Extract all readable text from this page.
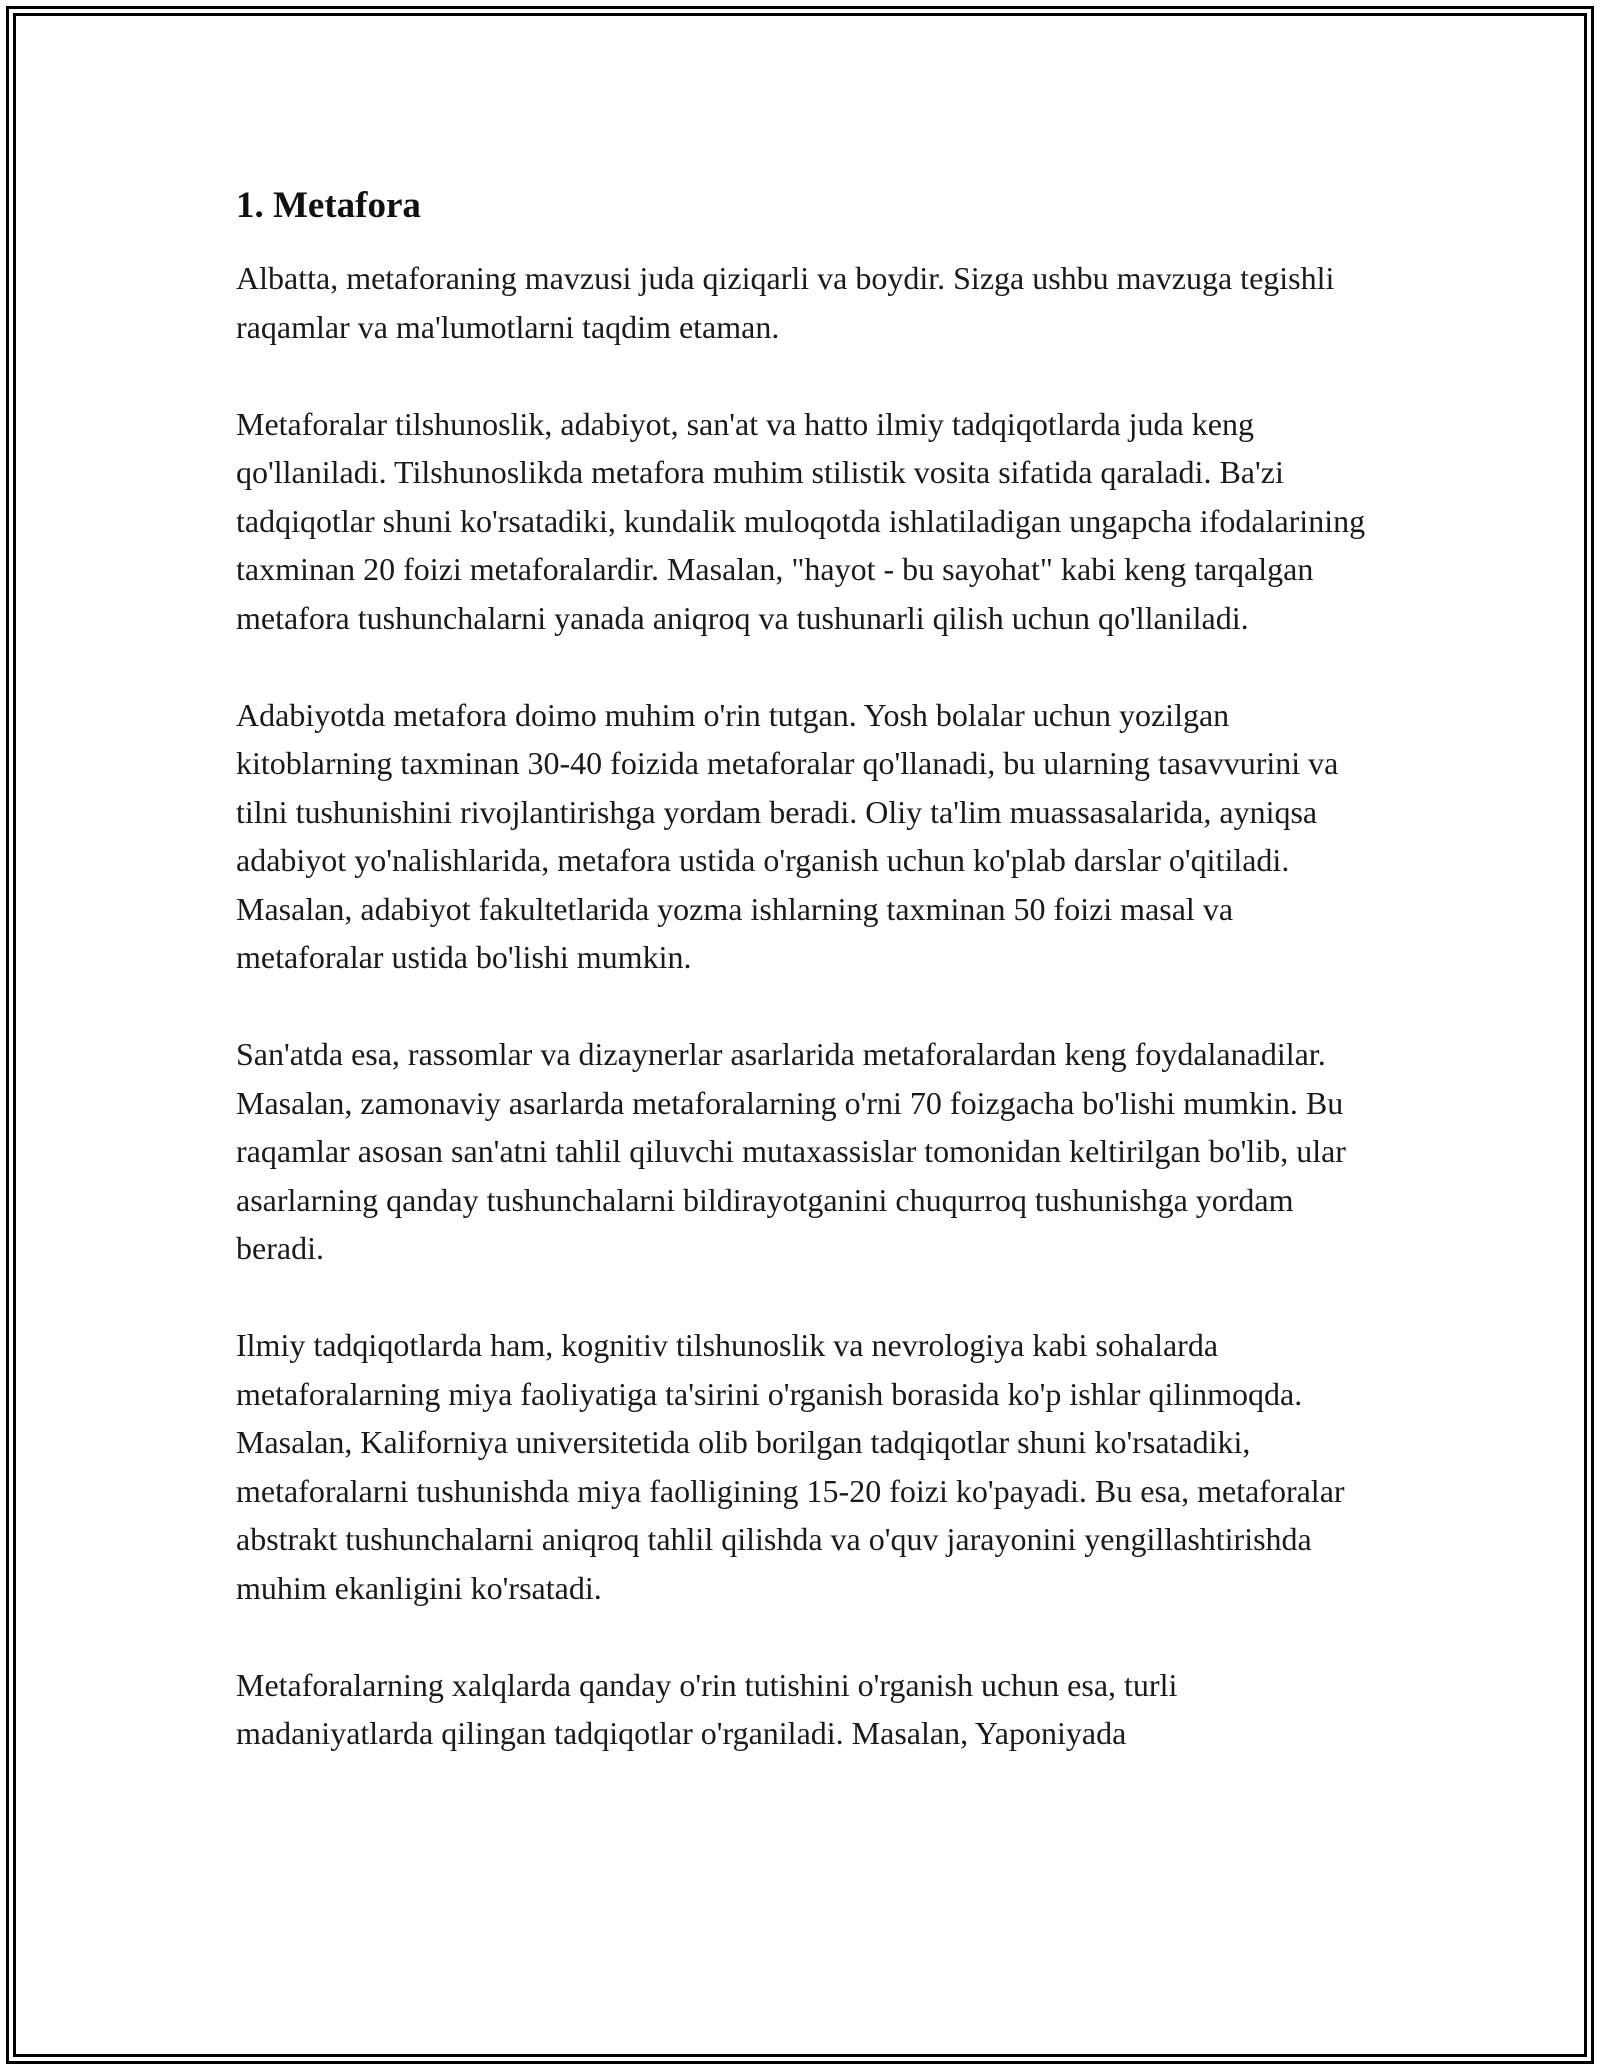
1. Metafora

Albatta, metaforaning mavzusi juda qiziqarli va boydir. Sizga ushbu mavzuga tegishli raqamlar va ma'lumotlarni taqdim etaman.

Metaforalar tilshunoslik, adabiyot, san'at va hatto ilmiy tadqiqotlarda juda keng qo'llaniladi. Tilshunoslikda metafora muhim stilistik vosita sifatida qaraladi. Ba'zi tadqiqotlar shuni ko'rsatadiki, kundalik muloqotda ishlatiladigan ungapcha ifodalarining taxminan 20 foizi metaforalardir. Masalan, "hayot - bu sayohat" kabi keng tarqalgan metafora tushunchalarni yanada aniqroq va tushunarli qilish uchun qo'llaniladi.

Adabiyotda metafora doimo muhim o'rin tutgan. Yosh bolalar uchun yozilgan kitoblarning taxminan 30-40 foizida metaforalar qo'llanadi, bu ularning tasavvurini va tilni tushunishini rivojlantirishga yordam beradi. Oliy ta'lim muassasalarida, ayniqsa adabiyot yo'nalishlarida, metafora ustida o'rganish uchun ko'plab darslar o'qitiladi. Masalan, adabiyot fakultetlarida yozma ishlarning taxminan 50 foizi masal va metaforalar ustida bo'lishi mumkin.

San'atda esa, rassomlar va dizaynerlar asarlarida metaforalardan keng foydalanadilar. Masalan, zamonaviy asarlarda metaforalarning o'rni 70 foizgacha bo'lishi mumkin. Bu raqamlar asosan san'atni tahlil qiluvchi mutaxassislar tomonidan keltirilgan bo'lib, ular asarlarning qanday tushunchalarni bildirayotganini chuqurroq tushunishga yordam beradi.

Ilmiy tadqiqotlarda ham, kognitiv tilshunoslik va nevrologiya kabi sohalarda metaforalarning miya faoliyatiga ta'sirini o'rganish borasida ko'p ishlar qilinmoqda. Masalan, Kaliforniya universitetida olib borilgan tadqiqotlar shuni ko'rsatadiki, metaforalarni tushunishda miya faolligining 15-20 foizi ko'payadi. Bu esa, metaforalar abstrakt tushunchalarni aniqroq tahlil qilishda va o'quv jarayonini yengillashtirishda muhim ekanligini ko'rsatadi.

Metaforalarning xalqlarda qanday o'rin tutishini o'rganish uchun esa, turli madaniyatlarda qilingan tadqiqotlar o'rganiladi. Masalan, Yaponiyada
